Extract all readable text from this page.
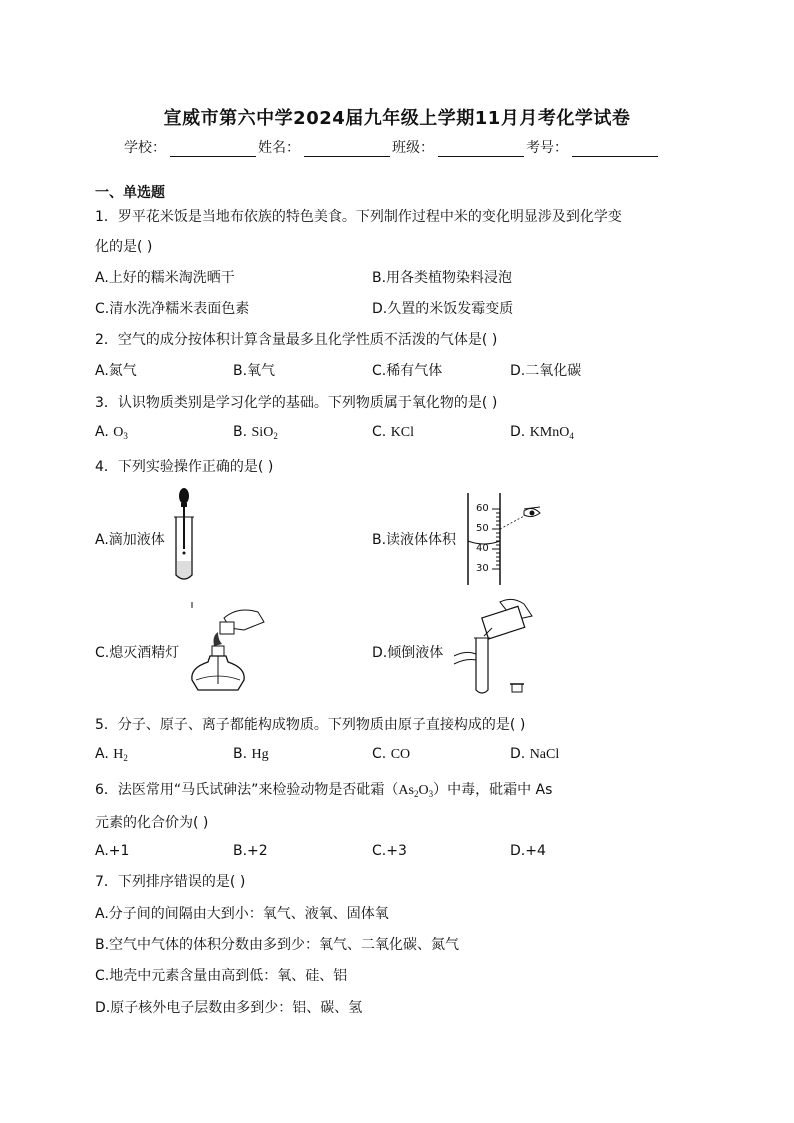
宣威市第六中学2024届九年级上学期11月月考化学试卷
学校：	姓名：	班级：	考号：
一、单选题
1．罗平花米饭是当地布依族的特色美食。下列制作过程中米的变化明显涉及到化学变
化的是( )
A.上好的糯米淘洗晒干	B.用各类植物染料浸泡
C.清水洗净糯米表面色素	D.久置的米饭发霉变质
2．空气的成分按体积计算含量最多且化学性质不活泼的气体是( )
A.氮气	B.氧气	C.稀有气体	D.二氧化碳
3．认识物质类别是学习化学的基础。下列物质属于氧化物的是( )
A. $O_3$	B. SiO$_2$	C. KCl	D. KMnO$_4$
4．下列实验操作正确的是( )
A.滴加液体	B.读液体体积
60
50
40
30
C.熄灭酒精灯	D.倾倒液体
5．分子、原子、离子都能构成物质。下列物质由原子直接构成的是( )
A. $H_2$	B. Hg	C. CO	D. NaCl
6．法医常用“马氏试砷法”来检验动物是否砒霜$(As_2O_3)$中毒，砒霜中 As
元素的化合价为( )
A.+1	B.+2	C.+3	D.+4
7．下列排序错误的是( )
A.分子间的间隔由大到小：氧气、液氧、固体氧
B.空气中气体的体积分数由多到少：氧气、二氧化碳、氮气
C.地壳中元素含量由高到低：氧、硅、铝
D.原子核外电子层数由多到少：铝、碳、氢
